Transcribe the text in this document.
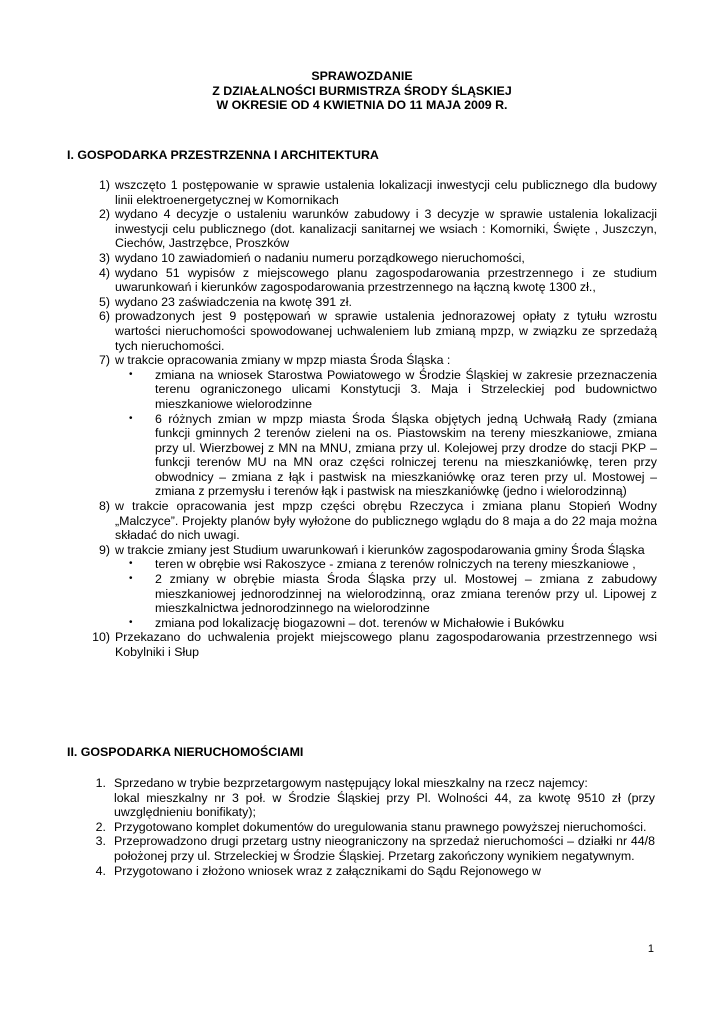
SPRAWOZDANIE
Z DZIAŁALNOŚCI BURMISTRZA ŚRODY ŚLĄSKIEJ
W OKRESIE OD 4 KWIETNIA DO 11 MAJA 2009 R.
I. GOSPODARKA PRZESTRZENNA I ARCHITEKTURA
1) wszczęto 1 postępowanie w sprawie ustalenia lokalizacji inwestycji celu publicznego dla budowy linii elektroenergetycznej w Komornikach

2) wydano 4 decyzje o ustaleniu warunków zabudowy i 3 decyzje w sprawie ustalenia lokalizacji inwestycji celu publicznego (dot. kanalizacji sanitarnej we wsiach : Komorniki, Święte , Juszczyn, Ciechów, Jastrzębce, Proszków

3) wydano 10 zawiadomień o nadaniu numeru porządkowego nieruchomości,

4) wydano 51 wypisów z miejscowego planu zagospodarowania przestrzennego i ze studium uwarunkowań i kierunków zagospodarowania przestrzennego na łączną kwotę 1300 zł.,

5) wydano 23 zaświadczenia na kwotę 391 zł.

6) prowadzonych jest 9 postępowań w sprawie ustalenia jednorazowej opłaty z tytułu wzrostu wartości nieruchomości spowodowanej uchwaleniem lub zmianą mpzp, w związku ze sprzedażą tych nieruchomości.

7) w trakcie opracowania zmiany w mpzp miasta Środa Śląska :

• zmiana na wniosek Starostwa Powiatowego w Środzie Śląskiej w zakresie przeznaczenia terenu ograniczonego ulicami Konstytucji 3. Maja i Strzeleckiej pod budownictwo mieszkaniowe wielorodzinne
• 6 różnych zmian w mpzp miasta Środa Śląska objętych jedną Uchwałą Rady (zmiana funkcji gminnych 2 terenów zieleni na os. Piastowskim na tereny mieszkaniowe, zmiana przy ul. Wierzbowej z MN na MNU, zmiana przy ul. Kolejowej przy drodze do stacji PKP – funkcji terenów MU na MN oraz części rolniczej terenu na mieszkaniówkę, teren przy obwodnicy – zmiana z łąk i pastwisk na mieszkaniówkę oraz teren przy ul. Mostowej – zmiana z przemysłu i terenów łąk i pastwisk na mieszkaniówkę (jedno i wielorodzinną)
8) w trakcie opracowania jest mpzp części obrębu Rzeczyca i zmiana planu Stopień Wodny „Malczyce”. Projekty planów były wyłożone do publicznego wglądu do 8 maja a do 22 maja można składać do nich uwagi.

9) w trakcie zmiany jest Studium uwarunkowań i kierunków zagospodarowania gminy Środa Śląska

• teren w obrębie wsi Rakoszyce - zmiana z terenów rolniczych na tereny mieszkaniowe ,
• 2 zmiany w obrębie miasta Środa Śląska przy ul. Mostowej – zmiana z zabudowy mieszkaniowej jednorodzinnej na wielorodzinną, oraz zmiana terenów przy ul. Lipowej z mieszkalnictwa jednorodzinnego na wielorodzinne
• zmiana pod lokalizację biogazowni – dot. terenów w Michałowie i Bukówku
10) Przekazano do uchwalenia projekt miejscowego planu zagospodarowania przestrzennego wsi Kobylniki i Słup

II. GOSPODARKA NIERUCHOMOŚCIAMI
1. Sprzedano w trybie bezprzetargowym następujący lokal mieszkalny na rzecz najemcy:

lokal mieszkalny nr 3 poł. w Środzie Śląskiej przy Pl. Wolności 44, za kwotę 9510 zł (przy uwzględnieniu bonifikaty);

2. Przygotowano komplet dokumentów do uregulowania stanu prawnego powyższej nieruchomości.

3. Przeprowadzono drugi przetarg ustny nieograniczony na sprzedaż nieruchomości – działki nr 44/8 położonej przy ul. Strzeleckiej w Środzie Śląskiej. Przetarg zakończony wynikiem negatywnym.

4. Przygotowano i złożono wniosek wraz z załącznikami do Sądu Rejonowego w

1
